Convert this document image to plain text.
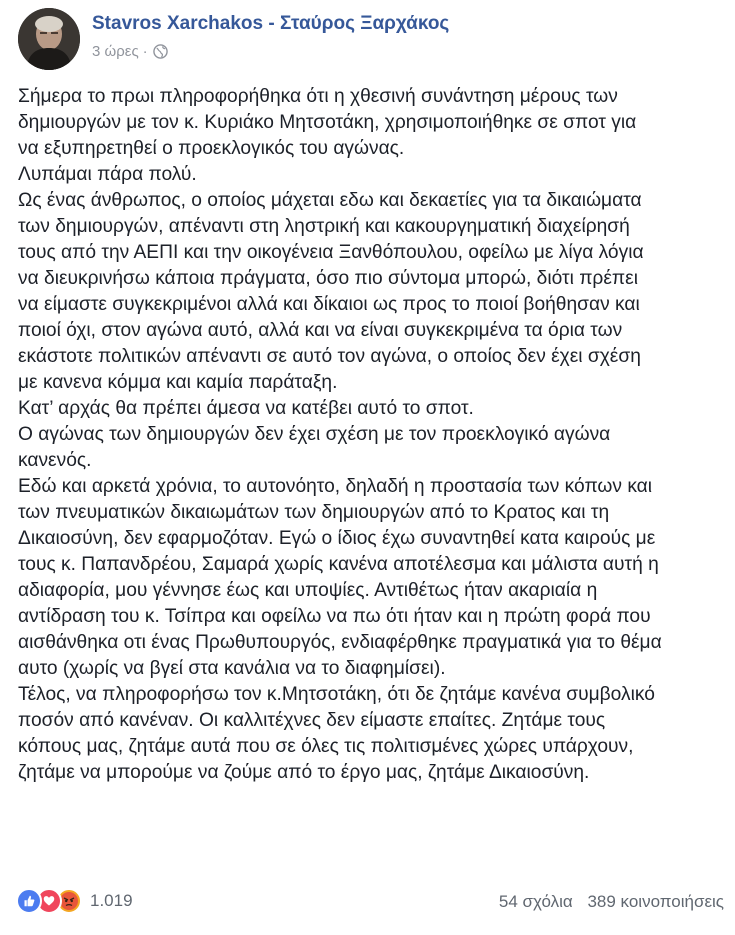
Stavros Xarchakos - Σταύρος Ξαρχάκος
3 ώρες ·
Σήμερα το πρωι πληροφορήθηκα ότι η χθεσινή συνάντηση μέρους των
δημιουργών με τον κ. Κυριάκο Μητσοτάκη, χρησιμοποιήθηκε σε σποτ για
να εξυπηρετηθεί ο προεκλογικός του αγώνας.
Λυπάμαι πάρα πολύ.
Ως ένας άνθρωπος, ο οποίος μάχεται εδω και δεκαετίες για τα δικαιώματα
των δημιουργών, απέναντι στη ληστρική και κακουργηματική διαχείρησή
τους από την ΑΕΠΙ και την οικογένεια Ξανθόπουλου, οφείλω με λίγα λόγια
να διευκρινήσω κάποια πράγματα, όσο πιο σύντομα μπορώ, διότι πρέπει
να είμαστε συγκεκριμένοι αλλά και δίκαιοι ως προς το ποιοί βοήθησαν και
ποιοί όχι, στον αγώνα αυτό, αλλά και να είναι συγκεκριμένα τα όρια των
εκάστοτε πολιτικών απέναντι σε αυτό τον αγώνα, ο οποίος δεν έχει σχέση
με κανενα κόμμα και καμία παράταξη.
Κατ’ αρχάς θα πρέπει άμεσα να κατέβει αυτό το σποτ.
Ο αγώνας των δημιουργών δεν έχει σχέση με τον προεκλογικό αγώνα
κανενός.
Εδώ και αρκετά χρόνια, το αυτονόητο, δηλαδή η προστασία των κόπων και
των πνευματικών δικαιωμάτων των δημιουργών από το Κρατος και τη
Δικαιοσύνη, δεν εφαρμοζόταν. Εγώ ο ίδιος έχω συναντηθεί κατα καιρούς με
τους κ. Παπανδρέου, Σαμαρά χωρίς κανένα αποτέλεσμα και μάλιστα αυτή η
αδιαφορία, μου γέννησε έως και υποψίες. Αντιθέτως ήταν ακαριαία η
αντίδραση του κ. Τσίπρα και οφείλω να πω ότι ήταν και η πρώτη φορά που
αισθάνθηκα οτι ένας Πρωθυπουργός, ενδιαφέρθηκε πραγματικά για το θέμα
αυτο (χωρίς να βγεί στα κανάλια να το διαφημίσει).
Τέλος, να πληροφορήσω τον κ.Μητσοτάκη, ότι δε ζητάμε κανένα συμβολικό
ποσόν από κανέναν. Οι καλλιτέχνες δεν είμαστε επαίτες. Ζητάμε τους
κόπους μας, ζητάμε αυτά που σε όλες τις πολιτισμένες χώρες υπάρχουν,
ζητάμε να μπορούμε να ζούμε από το έργο μας, ζητάμε Δικαιοσύνη.
1.019	54 σχόλια 389 κοινοποιήσεις
